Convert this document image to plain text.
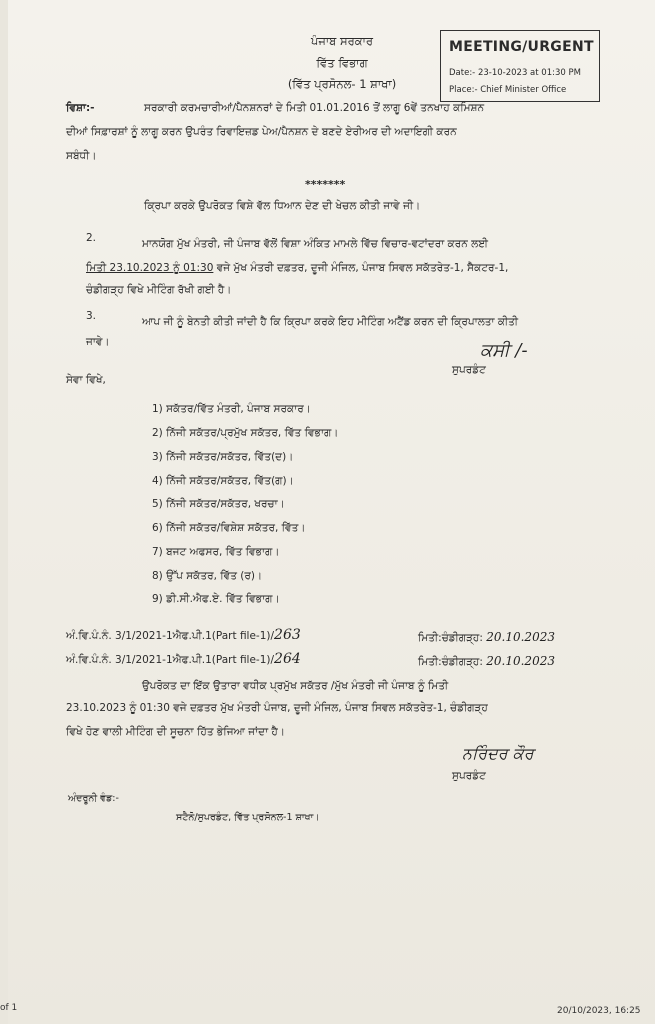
ਪੰਜਾਬ ਸਰਕਾਰ
ਵਿੱਤ ਵਿਭਾਗ
(ਵਿੱਤ ਪ੍ਰਸੋਨਲ- 1 ਸ਼ਾਖਾ)
MEETING/URGENT
Date:- 23-10-2023 at 01:30 PM
Place:- Chief Minister Office
ਵਿਸ਼ਾ:-	ਸਰਕਾਰੀ ਕਰਮਚਾਰੀਆਂ/ਪੈਨਸ਼ਨਰਾਂ ਦੇ ਮਿਤੀ 01.01.2016 ਤੋਂ ਲਾਗੂ 6ਵੇਂ ਤਨਖਾਹ ਕਮਿਸ਼ਨ
ਦੀਆਂ ਸਿਫ਼ਾਰਸ਼ਾਂ ਨੂੰ ਲਾਗੂ ਕਰਨ ਉਪਰੰਤ ਰਿਵਾਇਜ਼ਡ ਪੇਅ/ਪੈਨਸ਼ਨ ਦੇ ਬਣਦੇ ਏਰੀਅਰ ਦੀ ਅਦਾਇਗੀ ਕਰਨ
ਸਬੰਧੀ।
*******
ਕ੍ਰਿਪਾ ਕਰਕੇ ਉਪਰੋਕਤ ਵਿਸ਼ੇ ਵੱਲ ਧਿਆਨ ਦੇਣ ਦੀ ਖੇਚਲ ਕੀਤੀ ਜਾਵੇ ਜੀ।
2.	ਮਾਨਯੋਗ ਮੁੱਖ ਮੰਤਰੀ, ਜੀ ਪੰਜਾਬ ਵੱਲੋਂ ਵਿਸ਼ਾ ਅੰਕਿਤ ਮਾਮਲੇ ਵਿੱਚ ਵਿਚਾਰ-ਵਟਾਂਦਰਾ ਕਰਨ ਲਈ
ਮਿਤੀ 23.10.2023 ਨੂੰ 01:30 ਵਜੇ ਮੁੱਖ ਮੰਤਰੀ ਦਫ਼ਤਰ, ਦੂਜੀ ਮੰਜਿਲ, ਪੰਜਾਬ ਸਿਵਲ ਸਕੱਤਰੇਤ-1, ਸੈਕਟਰ-1,
ਚੰਡੀਗੜ੍ਹ ਵਿਖੇ ਮੀਟਿੰਗ ਰੱਖੀ ਗਈ ਹੈ।
3.	ਆਪ ਜੀ ਨੂੰ ਬੇਨਤੀ ਕੀਤੀ ਜਾਂਦੀ ਹੈ ਕਿ ਕ੍ਰਿਪਾ ਕਰਕੇ ਇਹ ਮੀਟਿੰਗ ਅਟੈਂਡ ਕਰਨ ਦੀ ਕ੍ਰਿਪਾਲਤਾ ਕੀਤੀ
ਜਾਵੇ।	ਕਸੀ /-
ਸੁਪਰਡੰਟ
ਸੇਵਾ ਵਿਖੇ,
1) ਸਕੱਤਰ/ਵਿੱਤ ਮੰਤਰੀ, ਪੰਜਾਬ ਸਰਕਾਰ।
2) ਨਿੱਜੀ ਸਕੱਤਰ/ਪ੍ਰਮੁੱਖ ਸਕੱਤਰ, ਵਿੱਤ ਵਿਭਾਗ।
3) ਨਿੱਜੀ ਸਕੱਤਰ/ਸਕੱਤਰ, ਵਿੱਤ(ਦ)।
4) ਨਿੱਜੀ ਸਕੱਤਰ/ਸਕੱਤਰ, ਵਿੱਤ(ਗ)।
5) ਨਿੱਜੀ ਸਕੱਤਰ/ਸਕੱਤਰ, ਖਰਚਾ।
6) ਨਿੱਜੀ ਸਕੱਤਰ/ਵਿਸ਼ੇਸ਼ ਸਕੱਤਰ, ਵਿੱਤ।
7) ਬਜਟ ਅਫਸਰ, ਵਿੱਤ ਵਿਭਾਗ।
8) ਉੱਪ ਸਕੱਤਰ, ਵਿੱਤ (ਰ)।
9) ਡੀ.ਸੀ.ਐਫ.ਏ. ਵਿੱਤ ਵਿਭਾਗ।
ਅੰ.ਵਿ.ਪੰ.ਨੰ. 3/1/2021-1ਐਫ.ਪੀ.1(Part file-1)/263	ਮਿਤੀ:ਚੰਡੀਗੜ੍ਹ: 20.10.2023
ਅੰ.ਵਿ.ਪੰ.ਨੰ. 3/1/2021-1ਐਫ.ਪੀ.1(Part file-1)/264	ਮਿਤੀ:ਚੰਡੀਗੜ੍ਹ: 20.10.2023
ਉਪਰੋਕਤ ਦਾ ਇੱਕ ਉਤਾਰਾ ਵਧੀਕ ਪ੍ਰਮੁੱਖ ਸਕੱਤਰ /ਮੁੱਖ ਮੰਤਰੀ ਜੀ ਪੰਜਾਬ ਨੂੰ ਮਿਤੀ
23.10.2023 ਨੂੰ 01:30 ਵਜੇ ਦਫ਼ਤਰ ਮੁੱਖ ਮੰਤਰੀ ਪੰਜਾਬ, ਦੂਜੀ ਮੰਜਿਲ, ਪੰਜਾਬ ਸਿਵਲ ਸਕੱਤਰੇਤ-1, ਚੰਡੀਗੜ੍ਹ
ਵਿਖੇ ਹੋਣ ਵਾਲੀ ਮੀਟਿੰਗ ਦੀ ਸੂਚਨਾ ਹਿੱਤ ਭੇਜਿਆ ਜਾਂਦਾ ਹੈ।
ਨਰਿੰਦਰ ਕੌਰ
ਸੁਪਰਡੰਟ
ਅੰਦਰੂਨੀ ਵੰਡ:-
ਸਟੈਨੋ/ਸੁਪਰਡੰਟ, ਵਿੱਤ ਪ੍ਰਸੋਨਲ-1 ਸ਼ਾਖਾ।
of 1	20/10/2023, 16:25
